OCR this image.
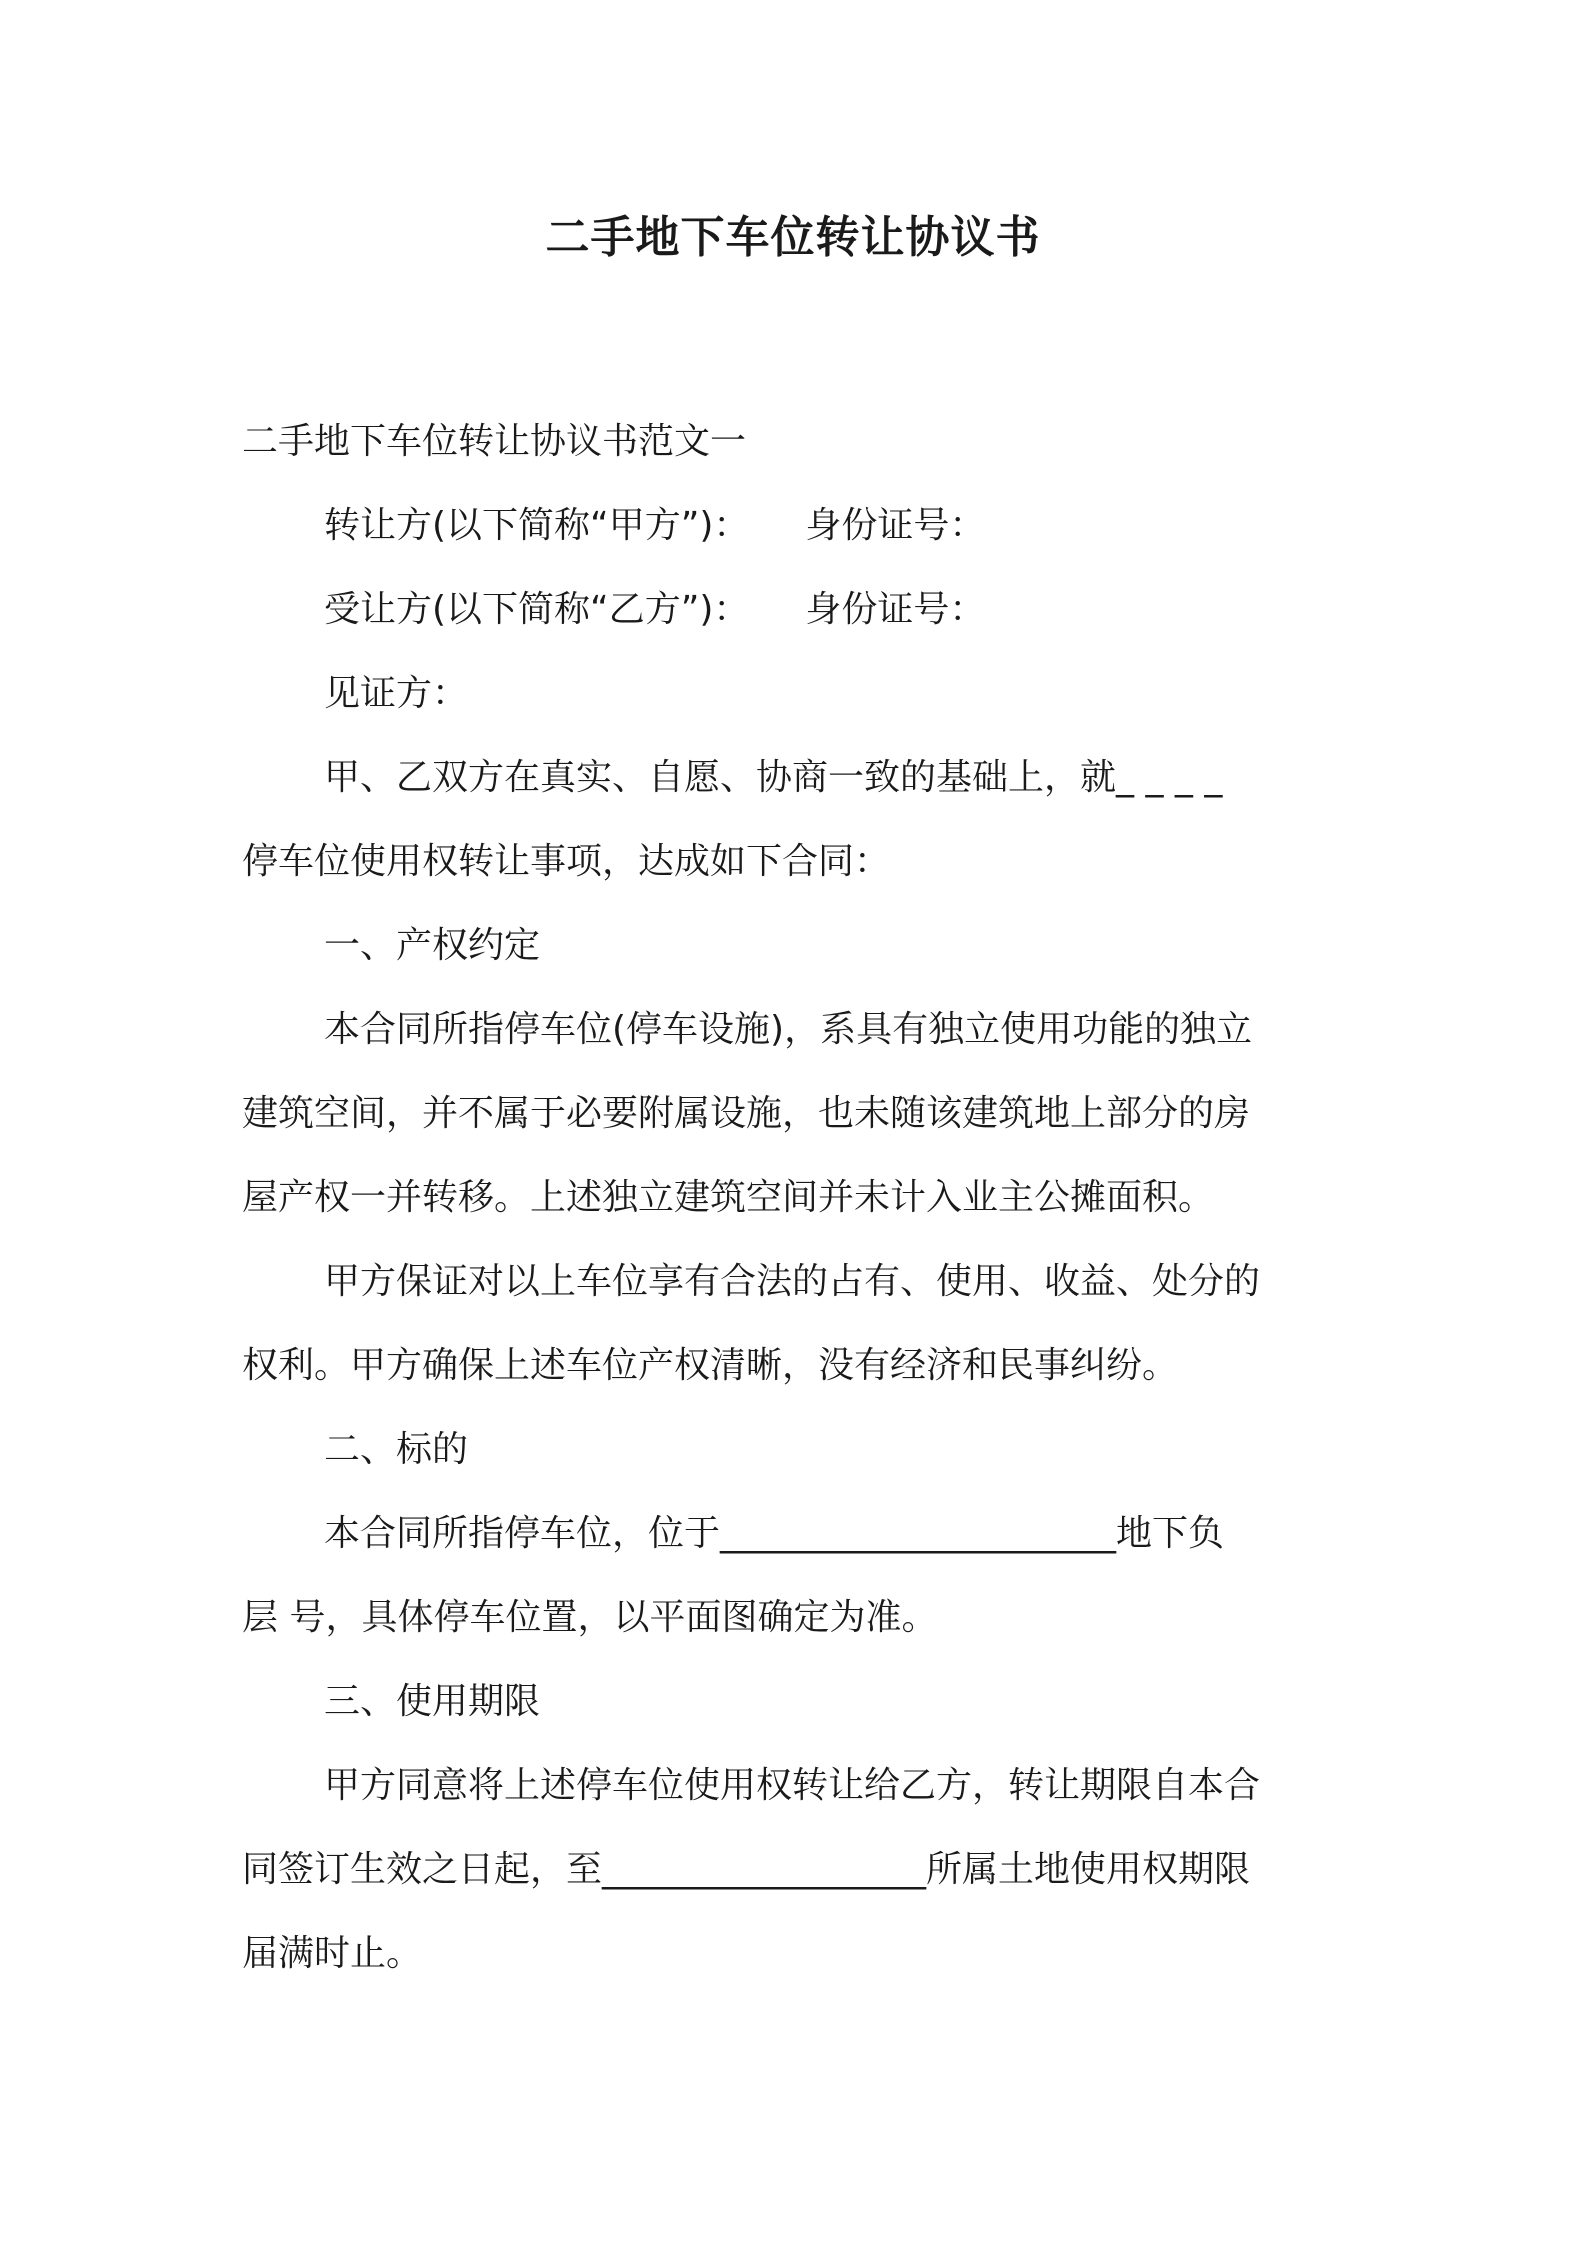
二手地下车位转让协议书
二手地下车位转让协议书范文一
转让方(以下简称“甲方”)： 身份证号：
受让方(以下简称“乙方”)： 身份证号：
见证方：
甲、乙双方在真实、自愿、协商一致的基础上，就_ _ _ _
停车位使用权转让事项，达成如下合同：
一、产权约定
本合同所指停车位(停车设施)，系具有独立使用功能的独立
建筑空间，并不属于必要附属设施，也未随该建筑地上部分的房
屋产权一并转移。上述独立建筑空间并未计入业主公摊面积。
甲方保证对以上车位享有合法的占有、使用、收益、处分的
权利。甲方确保上述车位产权清晰，没有经济和民事纠纷。
二、标的
本合同所指停车位，位于______________________地下负
层 号，具体停车位置，以平面图确定为准。
三、使用期限
甲方同意将上述停车位使用权转让给乙方，转让期限自本合
同签订生效之日起，至__________________所属土地使用权期限
届满时止。
